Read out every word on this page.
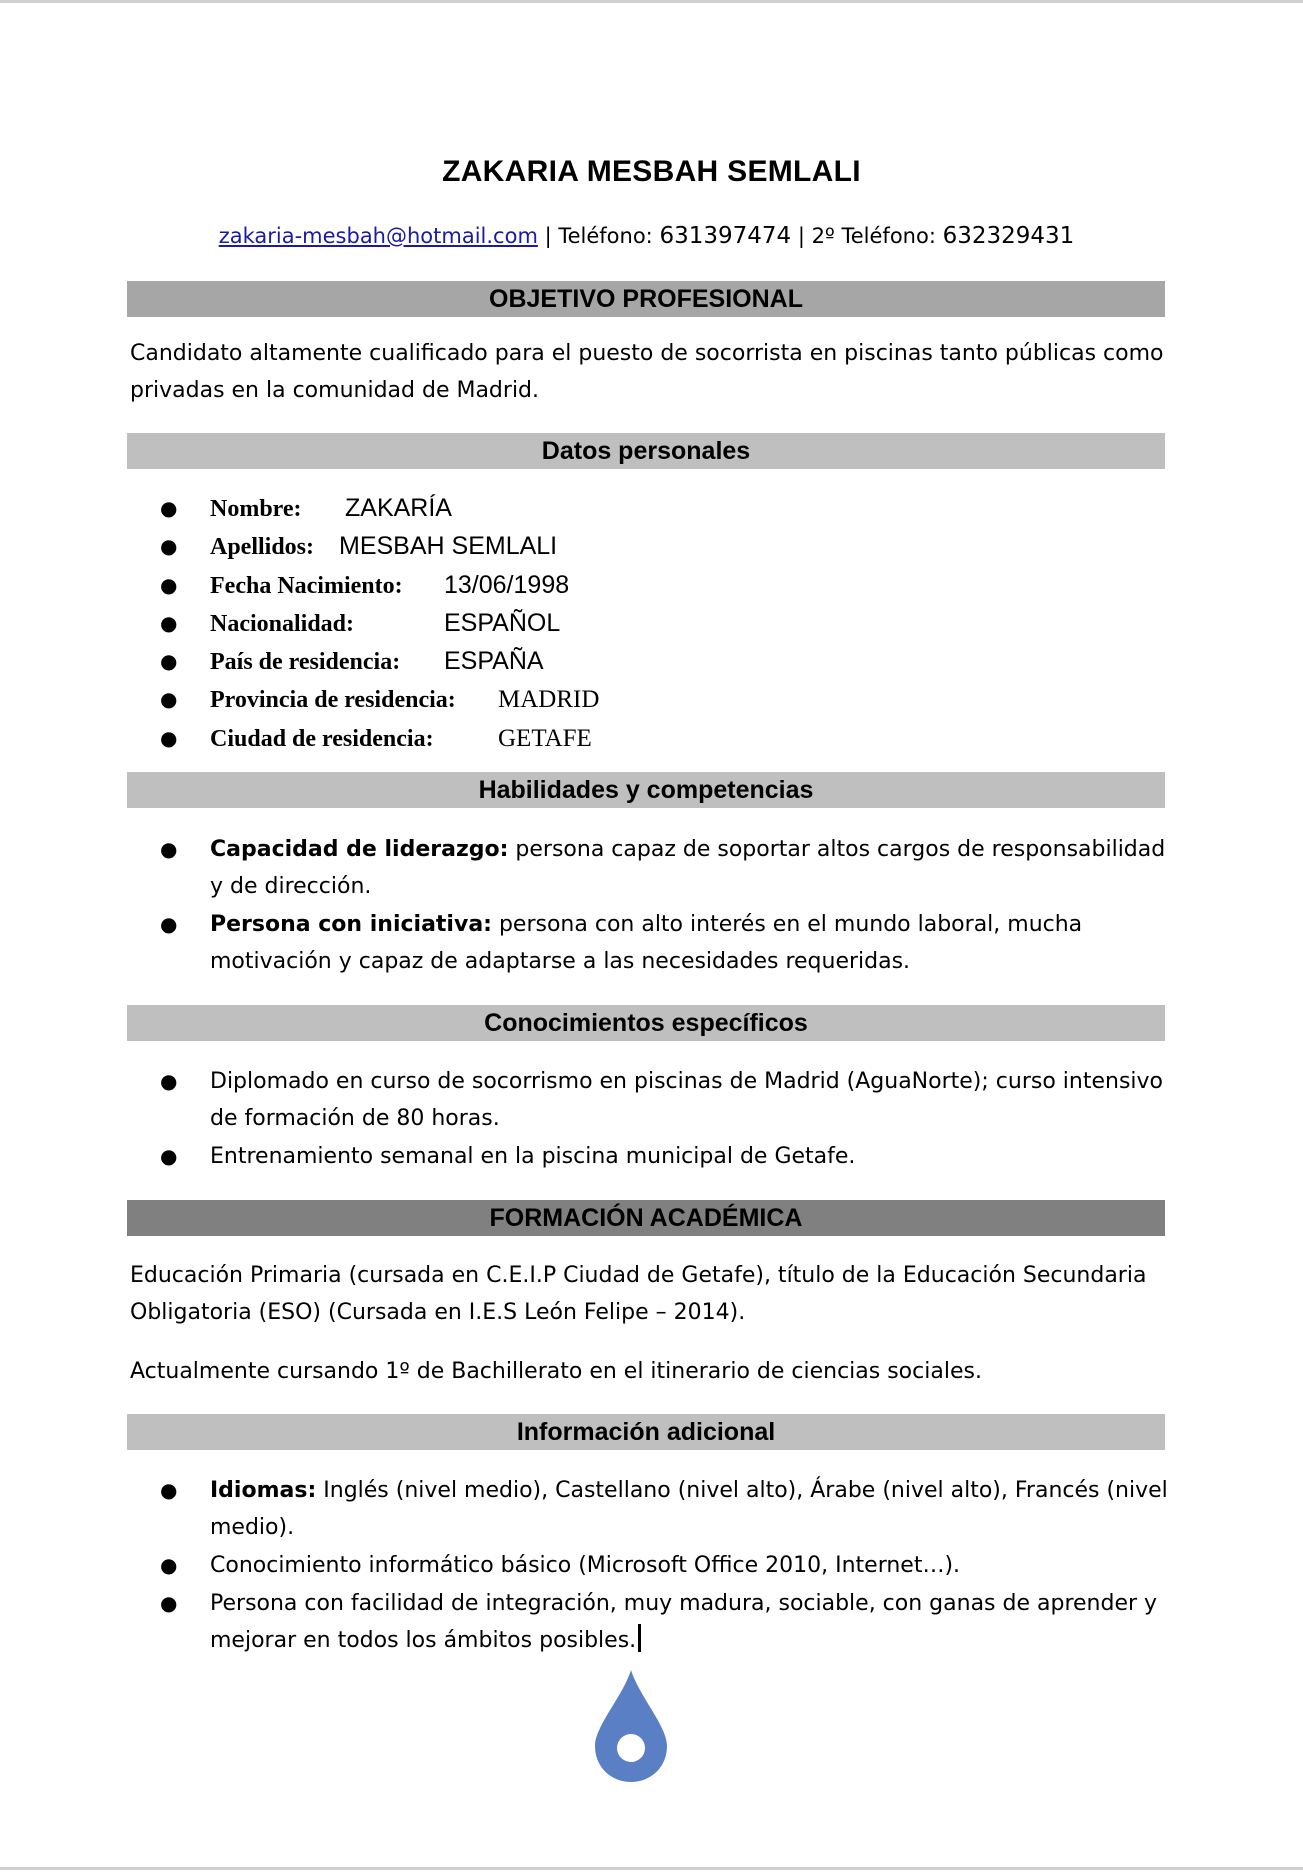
ZAKARIA MESBAH SEMLALI
zakaria-mesbah@hotmail.com | Teléfono: 631397474 | 2º Teléfono: 632329431
OBJETIVO PROFESIONAL
Candidato altamente cualificado para el puesto de socorrista en piscinas tanto públicas como privadas en la comunidad de Madrid.
Datos personales
● Nombre: ZAKARÍA
● Apellidos: MESBAH SEMLALI
● Fecha Nacimiento: 13/06/1998
● Nacionalidad:	ESPAÑOL
● País de residencia: ESPAÑA
● Provincia de residencia: MADRID
● Ciudad de residencia:	GETAFE
Habilidades y competencias
● Capacidad de liderazgo: persona capaz de soportar altos cargos de responsabilidad y de dirección.
● Persona con iniciativa: persona con alto interés en el mundo laboral, mucha motivación y capaz de adaptarse a las necesidades requeridas.
Conocimientos específicos
● Diplomado en curso de socorrismo en piscinas de Madrid (AguaNorte); curso intensivo de formación de 80 horas.
● Entrenamiento semanal en la piscina municipal de Getafe.
FORMACIÓN ACADÉMICA
Educación Primaria (cursada en C.E.I.P Ciudad de Getafe), título de la Educación Secundaria Obligatoria (ESO) (Cursada en I.E.S León Felipe – 2014).
Actualmente cursando 1º de Bachillerato en el itinerario de ciencias sociales.
Información adicional
● Idiomas: Inglés (nivel medio), Castellano (nivel alto), Árabe (nivel alto), Francés (nivel medio).
● Conocimiento informático básico (Microsoft Office 2010, Internet…).
● Persona con facilidad de integración, muy madura, sociable, con ganas de aprender y mejorar en todos los ámbitos posibles.
